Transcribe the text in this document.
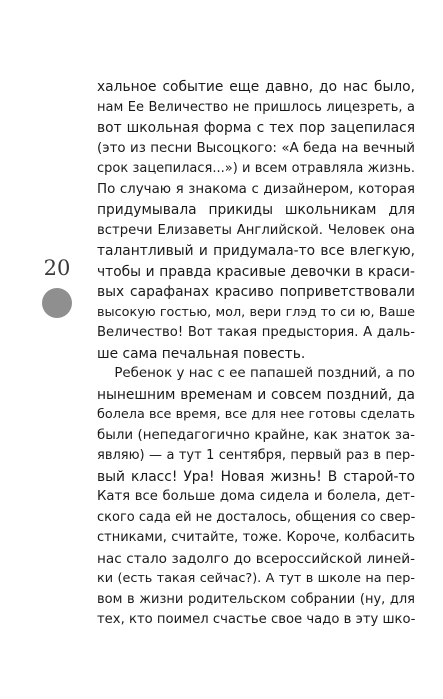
20
хальное событие еще давно, до нас было,
нам Ее Величество не пришлось лицезреть, а
вот школьная форма с тех пор зацепилася
(это из песни Высоцкого: «А беда на вечный
срок зацепилася...») и всем отравляла жизнь.
По случаю я знакома с дизайнером, которая
придумывала прикиды школьникам для
встречи Елизаветы Английской. Человек она
талантливый и придумала-то все влегкую,
чтобы и правда красивые девочки в краси-
вых сарафанах красиво поприветствовали
высокую гостью, мол, вери глэд то си ю, Ваше
Величество! Вот такая предыстория. А даль-
ше сама печальная повесть.
Ребенок у нас с ее папашей поздний, а по
нынешним временам и совсем поздний, да
болела все время, все для нее готовы сделать
были (непедагогично крайне, как знаток за-
являю) — а тут 1 сентября, первый раз в пер-
вый класс! Ура! Новая жизнь! В старой-то
Катя все больше дома сидела и болела, дет-
ского сада ей не досталось, общения со свер-
стниками, считайте, тоже. Короче, колбасить
нас стало задолго до всероссийской линей-
ки (есть такая сейчас?). А тут в школе на пер-
вом в жизни родительском собрании (ну, для
тех, кто поимел счастье свое чадо в эту шко-
